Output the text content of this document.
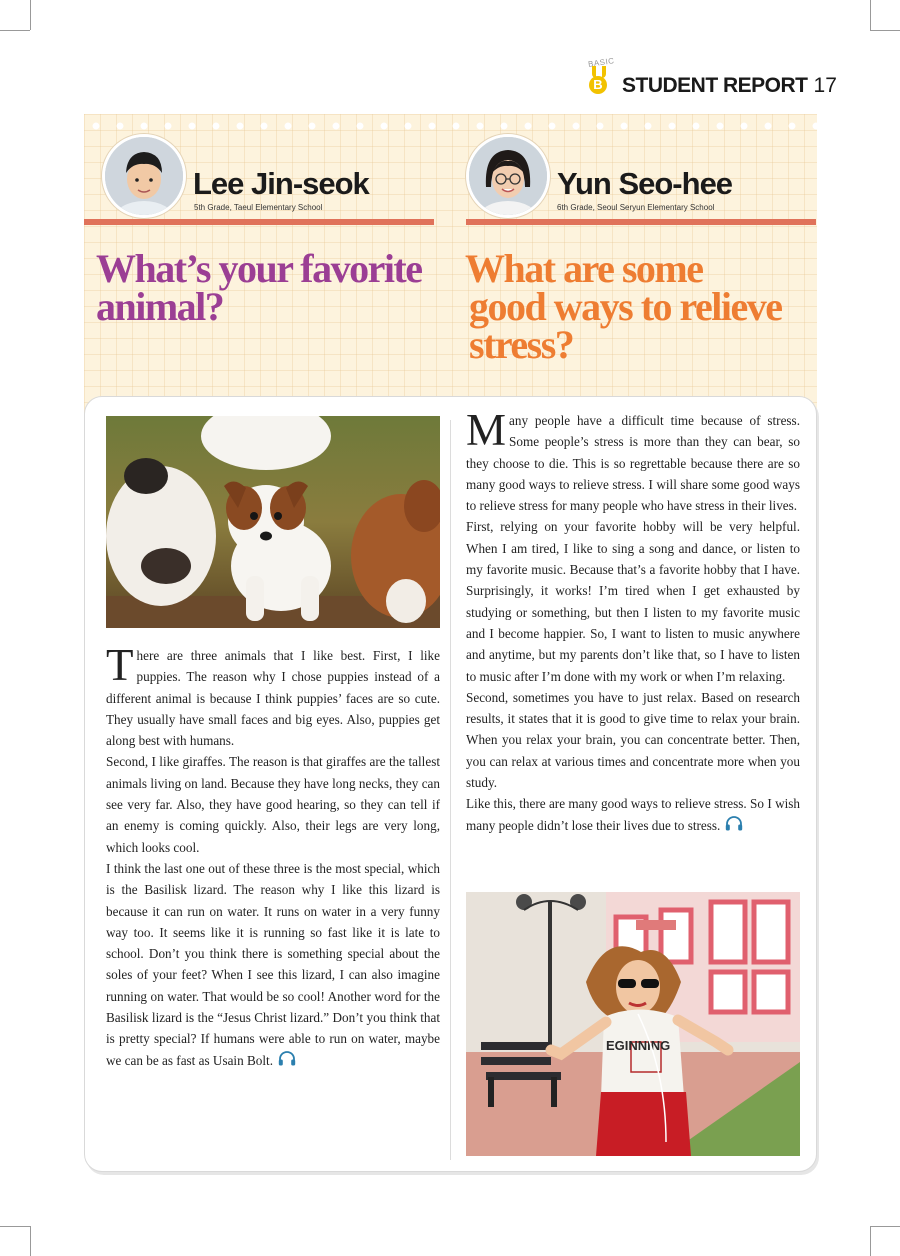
BASIC
B STUDENT REPORT 17
Lee Jin-seok
5th Grade, Taeul Elementary School
Yun Seo-hee
6th Grade, Seoul Seryun Elementary School
What’s your favorite
animal?
What are some
good ways to relieve
stress?

There are three animals that I like best. First, I like puppies. The reason why I chose puppies instead of a different animal is because I think puppies’ faces are so cute. They usually have small faces and big eyes. Also, puppies get along best with humans.

Second, I like giraffes. The reason is that giraffes are the tallest animals living on land. Because they have long necks, they can see very far. Also, they have good hearing, so they can tell if an enemy is coming quickly. Also, their legs are very long, which looks cool.

I think the last one out of these three is the most special, which is the Basilisk lizard. The reason why I like this lizard is because it can run on water. It runs on water in a very funny way too. It seems like it is running so fast like it is late to school. Don’t you think there is something special about the soles of your feet? When I see this lizard, I can also imagine running on water. That would be so cool! Another word for the Basilisk lizard is the “Jesus Christ lizard.” Don’t you think that is pretty special? If humans were able to run on water, maybe we can be as fast as Usain Bolt.

Many people have a difficult time because of stress. Some people’s stress is more than they can bear, so they choose to die. This is so regrettable because there are so many good ways to relieve stress. I will share some good ways to relieve stress for many people who have stress in their lives.

First, relying on your favorite hobby will be very helpful. When I am tired, I like to sing a song and dance, or listen to my favorite music. Because that’s a favorite hobby that I have. Surprisingly, it works! I’m tired when I get exhausted by studying or something, but then I listen to my favorite music and I become happier. So, I want to listen to music anywhere and anytime, but my parents don’t like that, so I have to listen to music after I’m done with my work or when I’m relaxing.

Second, sometimes you have to just relax. Based on research results, it states that it is good to give time to relax your brain. When you relax your brain, you can concentrate better. Then, you can relax at various times and concentrate more when you study.

Like this, there are many good ways to relieve stress. So I wish many people didn’t lose their lives due to stress.

EGINNING
